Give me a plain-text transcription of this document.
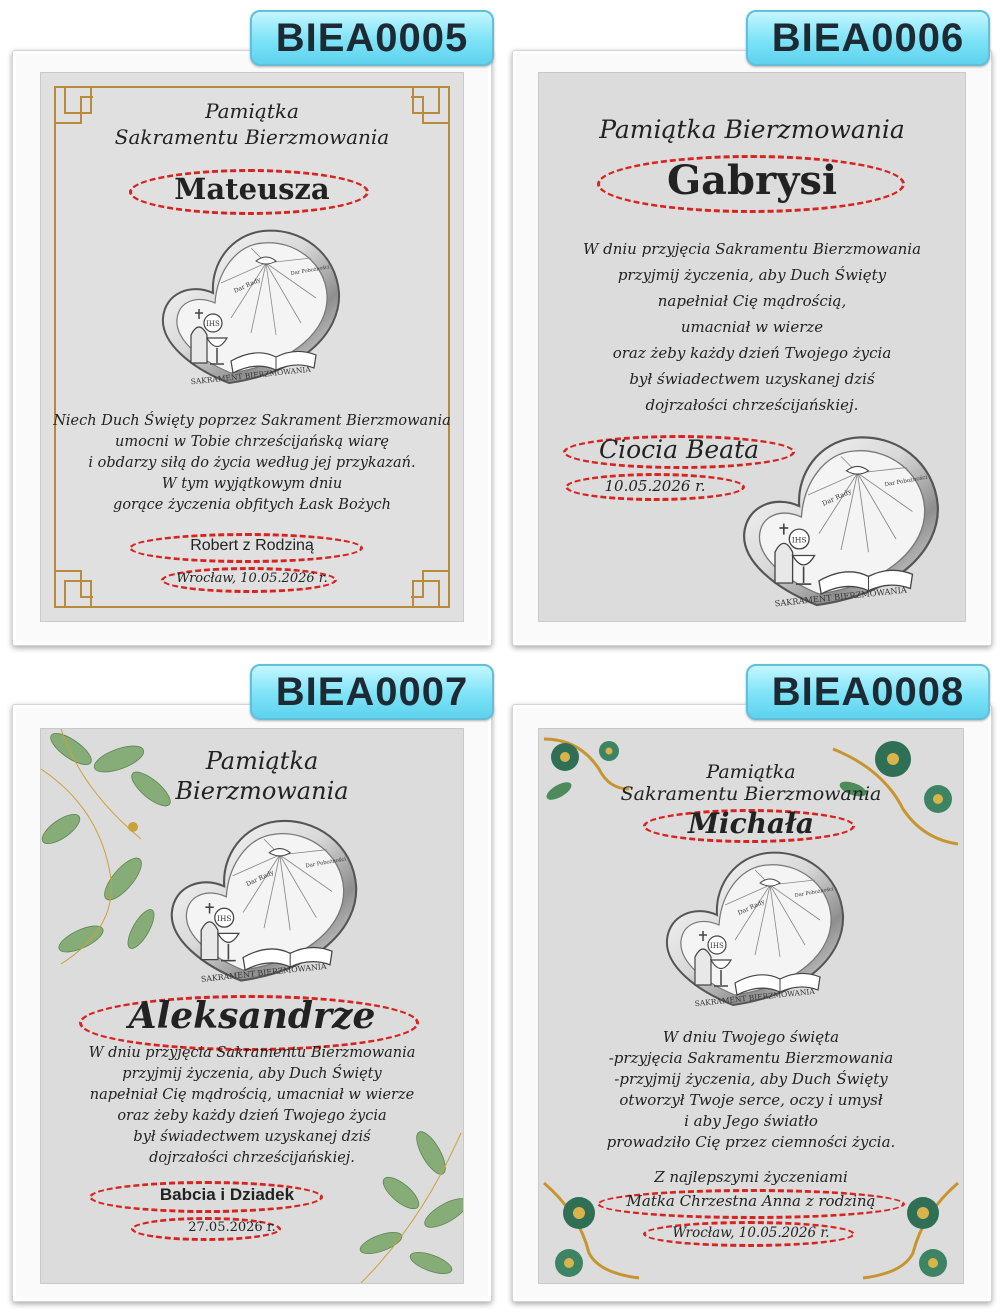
Pamiątka
Sakramentu Bierzmowania
Mateusza
Niech Duch Święty poprzez Sakrament Bierzmowania
umocni w Tobie chrześcijańską wiarę
i obdarzy siłą do życia według jej przykazań.
W tym wyjątkowym dniu
gorące życzenia obfitych Łask Bożych
Robert z Rodziną
Wrocław, 10.05.2026 r.
BIEA0005
Pamiątka Bierzmowania
Gabrysi
W dniu przyjęcia Sakramentu Bierzmowania
przyjmij życzenia, aby Duch Święty
napełniał Cię mądrością,
umacniał w wierze
oraz żeby każdy dzień Twojego życia
był świadectwem uzyskanej dziś
dojrzałości chrześcijańskiej.
Ciocia Beata
10.05.2026 r.
BIEA0006
Pamiątka
Bierzmowania
Aleksandrze
W dniu przyjęcia Sakramentu Bierzmowania
przyjmij życzenia, aby Duch Święty
napełniał Cię mądrością, umacniał w wierze
oraz żeby każdy dzień Twojego życia
był świadectwem uzyskanej dziś
dojrzałości chrześcijańskiej.
Babcia i Dziadek
27.05.2026 r.
BIEA0007
Pamiątka
Sakramentu Bierzmowania
Michała
W dniu Twojego święta
-przyjęcia Sakramentu Bierzmowania
-przyjmij życzenia, aby Duch Święty
otworzył Twoje serce, oczy i umysł
i aby Jego światło
prowadziło Cię przez ciemności życia.
Z najlepszymi życzeniami
Matka Chrzestna Anna z rodziną
Wrocław, 10.05.2026 r.
BIEA0008
